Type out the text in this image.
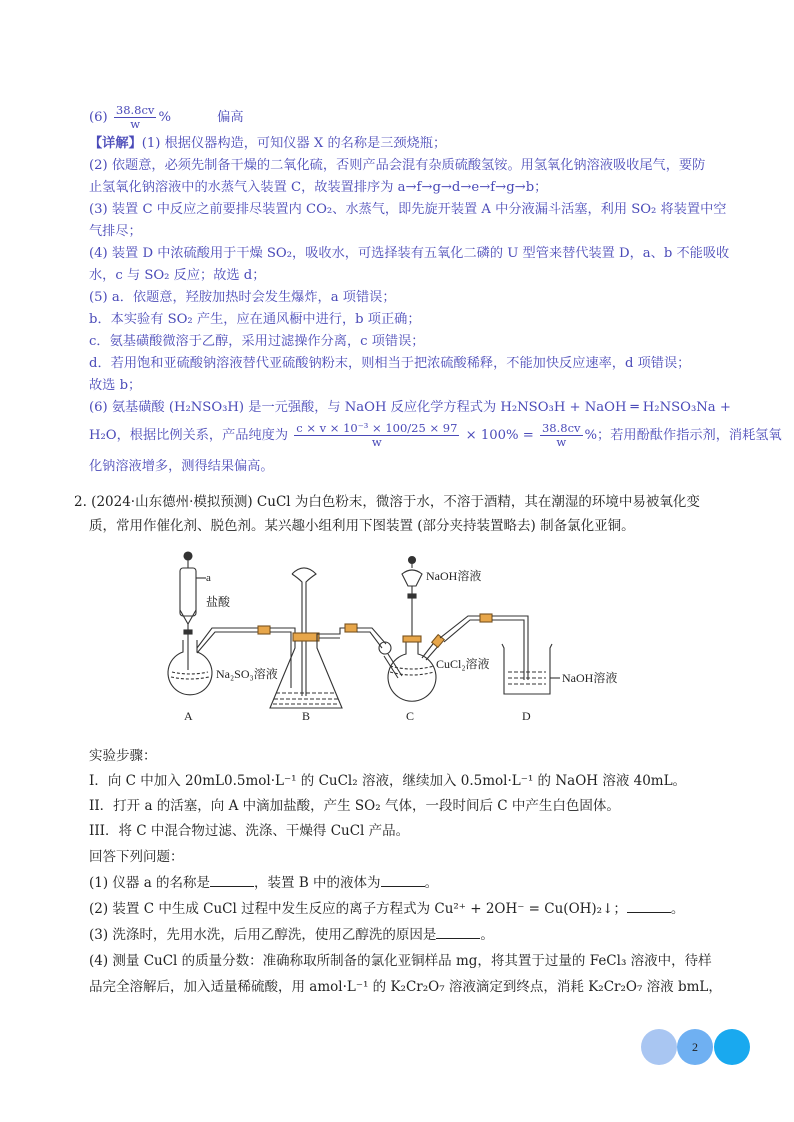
$(6) \frac{38.8cv}{w}$ %	偏高
【详解】(1) 根据仪器构造，可知仪器 X 的名称是三颈烧瓶；
(2) 依题意，必须先制备干燥的二氧化硫，否则产品会混有杂质硫酸氢铵。用氢氧化钠溶液吸收尾气，要防
止氢氧化钠溶液中的水蒸气入装置 C，故装置排序为 a→f→g→d→e→f→g→b；
(3) 装置 C 中反应之前要排尽装置内 CO₂、水蒸气，即先旋开装置 A 中分液漏斗活塞，利用 SO₂ 将装置中空
气排尽；
(4) 装置 D 中浓硫酸用于干燥 SO₂，吸收水，可选择装有五氧化二磷的 U 型管来替代装置 D，a、b 不能吸收
水，c 与 SO₂ 反应；故选 d；
(5) a．依题意，羟胺加热时会发生爆炸，a 项错误；
b．本实验有 SO₂ 产生，应在通风橱中进行，b 项正确；
c．氨基磺酸微溶于乙醇，采用过滤操作分离，c 项错误；
d．若用饱和亚硫酸钠溶液替代亚硫酸钠粉末，则相当于把浓硫酸稀释，不能加快反应速率，d 项错误；
故选 b；
(6) 氨基磺酸 (H₂NSO₃H) 是一元强酸，与 NaOH 反应化学方程式为 H₂NSO₃H + NaOH ═ H₂NSO₃Na +
H₂O，根据比例关系，产品纯度为 $\frac{\text{c × v × 10⁻³ × 100/25 × 97}}{w} \times 100\% = \frac{38.8cv}{w}$ %；若用酚酞作指示剂，消耗氢氧
化钠溶液增多，测得结果偏高。
2. (2024·山东德州·模拟预测) CuCl 为白色粉末，微溶于水，不溶于酒精，其在潮湿的环境中易被氧化变
质，常用作催化剂、脱色剂。某兴趣小组利用下图装置 (部分夹持装置略去) 制备氯化亚铜。
a
盐酸
Na₂SO₃溶液
NaOH溶液
CuCl₂溶液
NaOH溶液
A	B	C	D
实验步骤：
I．向 C 中加入 20mL0.5mol·L⁻¹ 的 CuCl₂ 溶液，继续加入 0.5mol·L⁻¹ 的 NaOH 溶液 40mL。
II．打开 a 的活塞，向 A 中滴加盐酸，产生 SO₂ 气体，一段时间后 C 中产生白色固体。
III．将 C 中混合物过滤、洗涤、干燥得 CuCl 产品。
回答下列问题：
(1) 仪器 a 的名称是	，装置 B 中的液体为	。
(2) 装置 C 中生成 CuCl 过程中发生反应的离子方程式为 Cu²⁺ + 2OH⁻ = Cu(OH)₂↓；	。
(3) 洗涤时，先用水洗，后用乙醇洗，使用乙醇洗的原因是	。
(4) 测量 CuCl 的质量分数：准确称取所制备的氯化亚铜样品 mg，将其置于过量的 FeCl₃ 溶液中，待样
品完全溶解后，加入适量稀硫酸，用 amol·L⁻¹ 的 K₂Cr₂O₇ 溶液滴定到终点，消耗 K₂Cr₂O₇ 溶液 bmL，
2
